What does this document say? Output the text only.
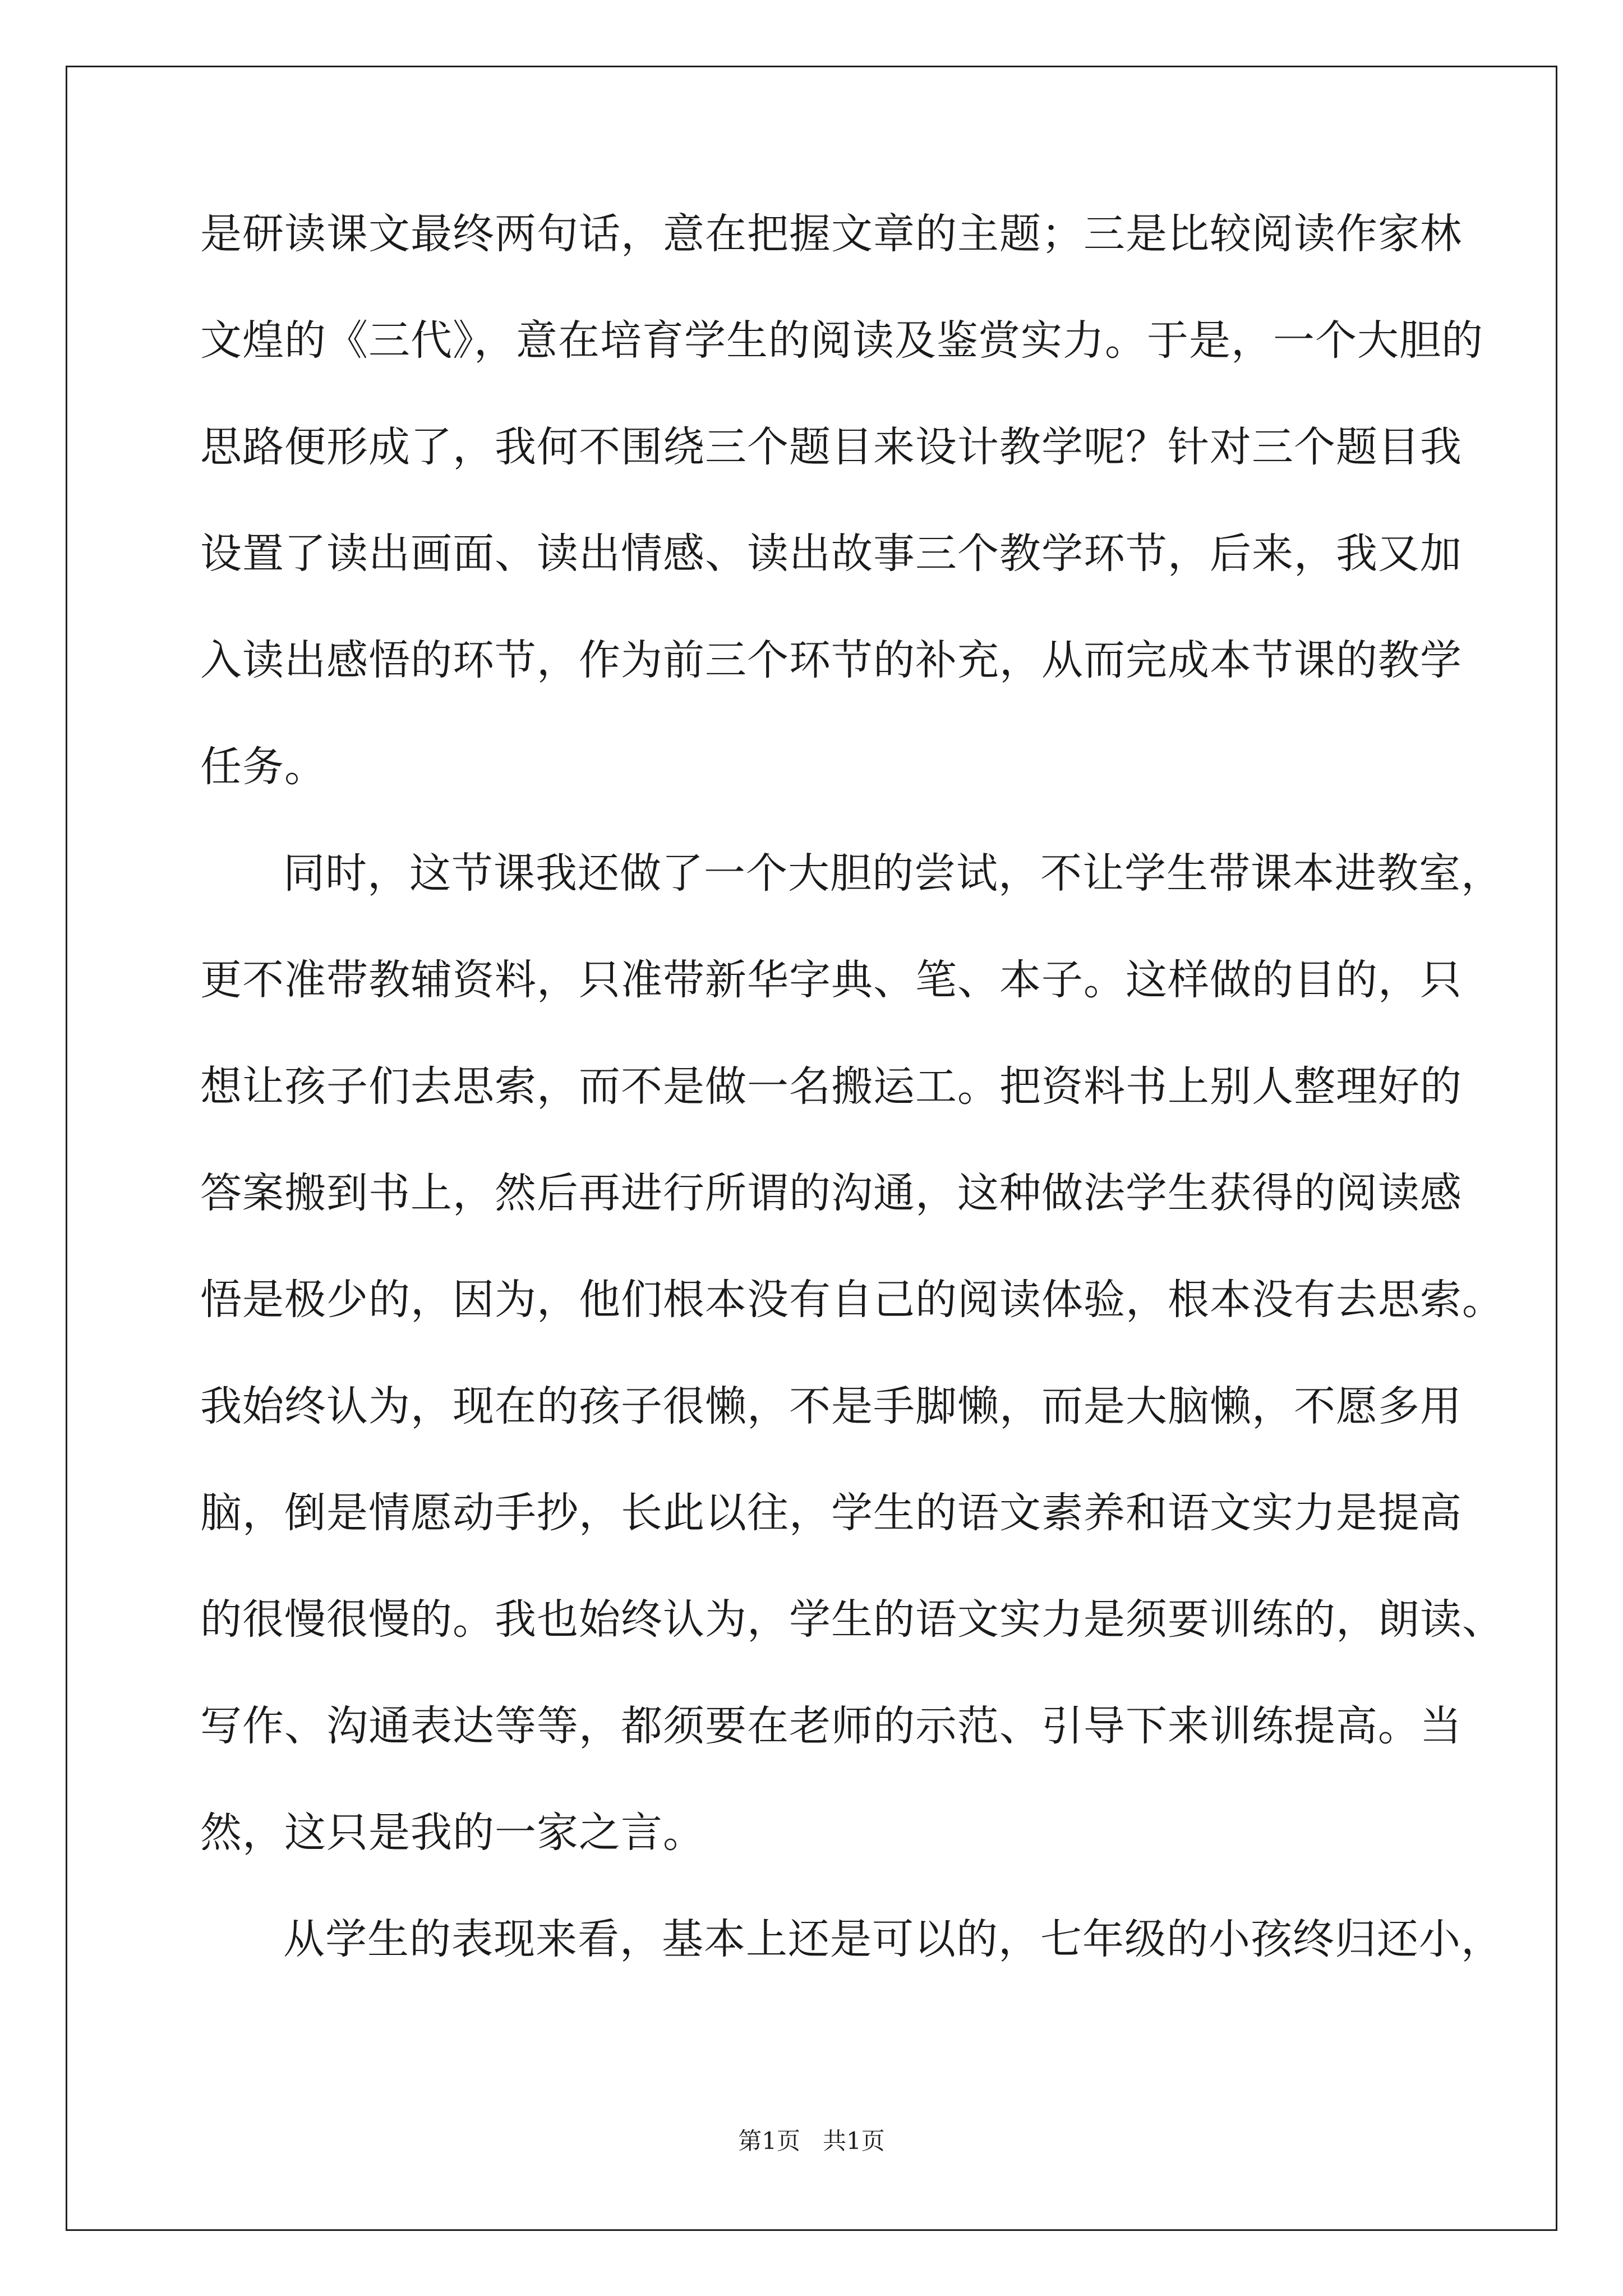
是研读课文最终两句话，意在把握文章的主题；三是比较阅读作家林
文煌的《三代》，意在培育学生的阅读及鉴赏实力。于是，一个大胆的
思路便形成了，我何不围绕三个题目来设计教学呢？针对三个题目我
设置了读出画面、读出情感、读出故事三个教学环节，后来，我又加
入读出感悟的环节，作为前三个环节的补充，从而完成本节课的教学
任务。
同时，这节课我还做了一个大胆的尝试，不让学生带课本进教室，
更不准带教辅资料，只准带新华字典、笔、本子。这样做的目的，只
想让孩子们去思索，而不是做一名搬运工。把资料书上别人整理好的
答案搬到书上，然后再进行所谓的沟通，这种做法学生获得的阅读感
悟是极少的，因为，他们根本没有自己的阅读体验，根本没有去思索。
我始终认为，现在的孩子很懒，不是手脚懒，而是大脑懒，不愿多用
脑，倒是情愿动手抄，长此以往，学生的语文素养和语文实力是提高
的很慢很慢的。我也始终认为，学生的语文实力是须要训练的，朗读、
写作、沟通表达等等，都须要在老师的示范、引导下来训练提高。当
然，这只是我的一家之言。
从学生的表现来看，基本上还是可以的，七年级的小孩终归还小，
第1页   共1页
